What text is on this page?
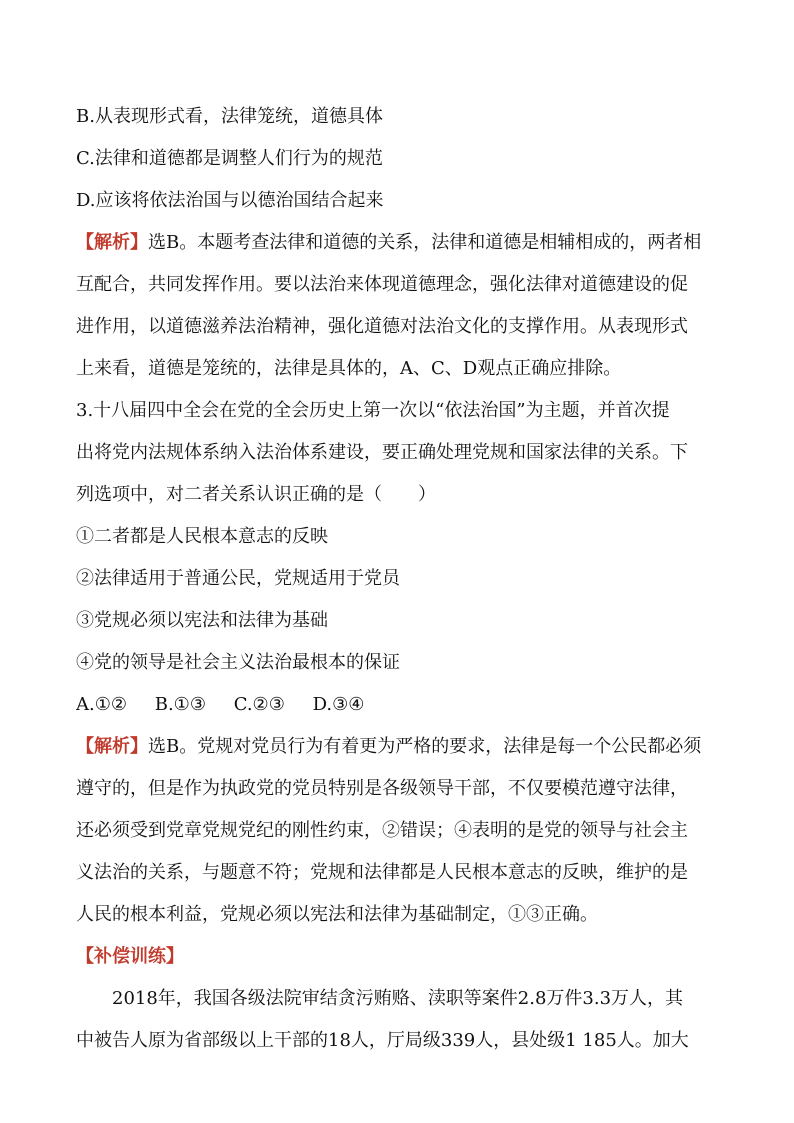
B.从表现形式看，法律笼统，道德具体
C.法律和道德都是调整人们行为的规范
D.应该将依法治国与以德治国结合起来
【解析】选B。本题考查法律和道德的关系，法律和道德是相辅相成的，两者相
互配合，共同发挥作用。要以法治来体现道德理念，强化法律对道德建设的促
进作用，以道德滋养法治精神，强化道德对法治文化的支撑作用。从表现形式
上来看，道德是笼统的，法律是具体的，A、C、D观点正确应排除。
3.十八届四中全会在党的全会历史上第一次以“依法治国”为主题，并首次提
出将党内法规体系纳入法治体系建设，要正确处理党规和国家法律的关系。下
列选项中，对二者关系认识正确的是（　　）
①二者都是人民根本意志的反映
②法律适用于普通公民，党规适用于党员
③党规必须以宪法和法律为基础
④党的领导是社会主义法治最根本的保证
A.①② B.①③ C.②③ D.③④
【解析】选B。党规对党员行为有着更为严格的要求，法律是每一个公民都必须
遵守的，但是作为执政党的党员特别是各级领导干部，不仅要模范遵守法律，
还必须受到党章党规党纪的刚性约束，②错误；④表明的是党的领导与社会主
义法治的关系，与题意不符；党规和法律都是人民根本意志的反映，维护的是
人民的根本利益，党规必须以宪法和法律为基础制定，①③正确。
【补偿训练】
2018年，我国各级法院审结贪污贿赂、渎职等案件2.8万件3.3万人，其
中被告人原为省部级以上干部的18人，厅局级339人，县处级1 185人。加大
